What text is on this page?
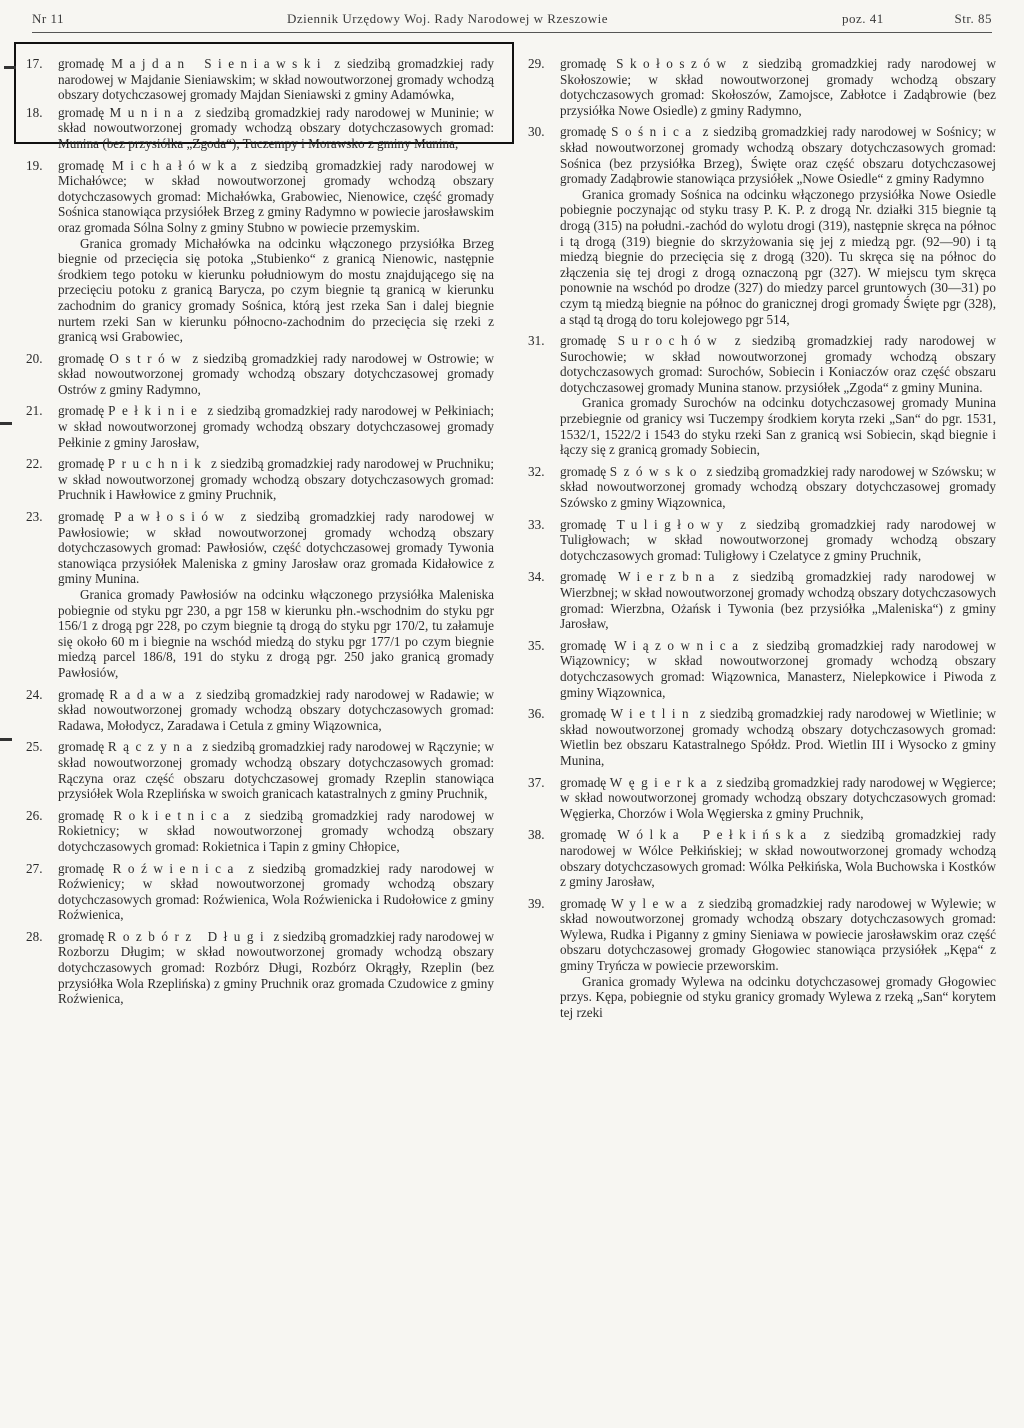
Nr 11	Dziennik Urzędowy Woj. Rady Narodowej w Rzeszowie	poz. 41	Str. 85
17. gromadę Majdan Sieniawski z siedzibą gromadzkiej rady narodowej w Majdanie Sieniawskim; w skład nowoutworzonej gromady wchodzą obszary dotychczasowej gromady Majdan Sieniawski z gminy Adamówka,

18. gromadę Munina z siedzibą gromadzkiej rady narodowej w Muninie; w skład nowoutworzonej gromady wchodzą obszary dotychczasowych gromad: Munina (bez przysiółka „Zgoda“), Tuczempy i Morawsko z gminy Munina,

19. gromadę Michałówka z siedzibą gromadzkiej rady narodowej w Michałówce; w skład nowoutworzonej gromady wchodzą obszary dotychczasowych gromad: Michałówka, Grabowiec, Nienowice, część gromady Sośnica stanowiąca przysiółek Brzeg z gminy Radymno w powiecie jarosławskim oraz gromada Sólna Solny z gminy Stubno w powiecie przemyskim.

Granica gromady Michałówka na odcinku włączonego przysiółka Brzeg biegnie od przecięcia się potoka „Stubienko“ z granicą Nienowic, następnie środkiem tego potoku w kierunku południowym do mostu znajdującego się na przecięciu potoku z granicą Barycza, po czym biegnie tą granicą w kierunku zachodnim do granicy gromady Sośnica, którą jest rzeka San i dalej biegnie nurtem rzeki San w kierunku północno-zachodnim do przecięcia się rzeki z granicą wsi Grabowiec,

20. gromadę Ostrów z siedzibą gromadzkiej rady narodowej w Ostrowie; w skład nowoutworzonej gromady wchodzą obszary dotychczasowej gromady Ostrów z gminy Radymno,

21. gromadę Pełkinie z siedzibą gromadzkiej rady narodowej w Pełkiniach; w skład nowoutworzonej gromady wchodzą obszary dotychczasowej gromady Pełkinie z gminy Jarosław,

22. gromadę Pruchnik z siedzibą gromadzkiej rady narodowej w Pruchniku; w skład nowoutworzonej gromady wchodzą obszary dotychczasowych gromad: Pruchnik i Hawłowice z gminy Pruchnik,

23. gromadę Pawłosiów z siedzibą gromadzkiej rady narodowej w Pawłosiowie; w skład nowoutworzonej gromady wchodzą obszary dotychczasowych gromad: Pawłosiów, część dotychczasowej gromady Tywonia stanowiąca przysiółek Maleniska z gminy Jarosław oraz gromada Kidałowice z gminy Munina.

Granica gromady Pawłosiów na odcinku włączonego przysiółka Maleniska pobiegnie od styku pgr 230, a pgr 158 w kierunku płn.-wschodnim do styku pgr 156/1 z drogą pgr 228, po czym biegnie tą drogą do styku pgr 170/2, tu załamuje się około 60 m i biegnie na wschód miedzą do styku pgr 177/1 po czym biegnie miedzą parcel 186/8, 191 do styku z drogą pgr. 250 jako granicą gromady Pawłosiów,

24. gromadę Radawa z siedzibą gromadzkiej rady narodowej w Radawie; w skład nowoutworzonej gromady wchodzą obszary dotychczasowych gromad: Radawa, Mołodycz, Zaradawa i Cetula z gminy Wiązownica,

25. gromadę Rączyna z siedzibą gromadzkiej rady narodowej w Rączynie; w skład nowoutworzonej gromady wchodzą obszary dotychczasowych gromad: Rączyna oraz część obszaru dotychczasowej gromady Rzeplin stanowiąca przysiółek Wola Rzeplińska w swoich granicach katastralnych z gminy Pruchnik,

26. gromadę Rokietnica z siedzibą gromadzkiej rady narodowej w Rokietnicy; w skład nowoutworzonej gromady wchodzą obszary dotychczasowych gromad: Rokietnica i Tapin z gminy Chłopice,

27. gromadę Roźwienica z siedzibą gromadzkiej rady narodowej w Roźwienicy; w skład nowoutworzonej gromady wchodzą obszary dotychczasowych gromad: Roźwienica, Wola Roźwienicka i Rudołowice z gminy Roźwienica,

28. gromadę Rozbórz Długi z siedzibą gromadzkiej rady narodowej w Rozborzu Długim; w skład nowoutworzonej gromady wchodzą obszary dotychczasowych gromad: Rozbórz Długi, Rozbórz Okrągły, Rzeplin (bez przysiółka Wola Rzeplińska) z gminy Pruchnik oraz gromada Czudowice z gminy Roźwienica,

29. gromadę Skołoszów z siedzibą gromadzkiej rady narodowej w Skołoszowie; w skład nowoutworzonej gromady wchodzą obszary dotychczasowych gromad: Skołoszów, Zamojsce, Zabłotce i Zadąbrowie (bez przysiółka Nowe Osiedle) z gminy Radymno,

30. gromadę Sośnica z siedzibą gromadzkiej rady narodowej w Sośnicy; w skład nowoutworzonej gromady wchodzą obszary dotychczasowych gromad: Sośnica (bez przysiółka Brzeg), Święte oraz część obszaru dotychczasowej gromady Zadąbrowie stanowiąca przysiółek „Nowe Osiedle“ z gminy Radymno

Granica gromady Sośnica na odcinku włączonego przysiółka Nowe Osiedle pobiegnie poczynając od styku trasy P. K. P. z drogą Nr. działki 315 biegnie tą drogą (315) na południ.-zachód do wylotu drogi (319), następnie skręca na północ i tą drogą (319) biegnie do skrzyżowania się jej z miedzą pgr. (92—90) i tą miedzą biegnie do przecięcia się z drogą (320). Tu skręca się na północ do złączenia się tej drogi z drogą oznaczoną pgr (327). W miejscu tym skręca ponownie na wschód po drodze (327) do miedzy parcel gruntowych (30—31) po czym tą miedzą biegnie na północ do granicznej drogi gromady Święte pgr (328), a stąd tą drogą do toru kolejowego pgr 514,

31. gromadę Surochów z siedzibą gromadzkiej rady narodowej w Surochowie; w skład nowoutworzonej gromady wchodzą obszary dotychczasowych gromad: Surochów, Sobiecin i Koniaczów oraz część obszaru dotychczasowej gromady Munina stanow. przysiółek „Zgoda“ z gminy Munina.

Granica gromady Surochów na odcinku dotychczasowej gromady Munina przebiegnie od granicy wsi Tuczempy środkiem koryta rzeki „San“ do pgr. 1531, 1532/1, 1522/2 i 1543 do styku rzeki San z granicą wsi Sobiecin, skąd biegnie i łączy się z granicą gromady Sobiecin,

32. gromadę Szówsko z siedzibą gromadzkiej rady narodowej w Szówsku; w skład nowoutworzonej gromady wchodzą obszary dotychczasowej gromady Szówsko z gminy Wiązownica,

33. gromadę Tuligłowy z siedzibą gromadzkiej rady narodowej w Tuligłowach; w skład nowoutworzonej gromady wchodzą obszary dotychczasowych gromad: Tuligłowy i Czelatyce z gminy Pruchnik,

34. gromadę Wierzbna z siedzibą gromadzkiej rady narodowej w Wierzbnej; w skład nowoutworzonej gromady wchodzą obszary dotychczasowych gromad: Wierzbna, Ożańsk i Tywonia (bez przysiółka „Maleniska“) z gminy Jarosław,

35. gromadę Wiązownica z siedzibą gromadzkiej rady narodowej w Wiązownicy; w skład nowoutworzonej gromady wchodzą obszary dotychczasowych gromad: Wiązownica, Manasterz, Nielepkowice i Piwoda z gminy Wiązownica,

36. gromadę Wietlin z siedzibą gromadzkiej rady narodowej w Wietlinie; w skład nowoutworzonej gromady wchodzą obszary dotychczasowych gromad: Wietlin bez obszaru Katastralnego Spółdz. Prod. Wietlin III i Wysocko z gminy Munina,

37. gromadę Węgierka z siedzibą gromadzkiej rady narodowej w Węgierce; w skład nowoutworzonej gromady wchodzą obszary dotychczasowych gromad: Węgierka, Chorzów i Wola Węgierska z gminy Pruchnik,

38. gromadę Wólka Pełkińska z siedzibą gromadzkiej rady narodowej w Wólce Pełkińskiej; w skład nowoutworzonej gromady wchodzą obszary dotychczasowych gromad: Wólka Pełkińska, Wola Buchowska i Kostków z gminy Jarosław,

39. gromadę Wylewa z siedzibą gromadzkiej rady narodowej w Wylewie; w skład nowoutworzonej gromady wchodzą obszary dotychczasowych gromad: Wylewa, Rudka i Piganny z gminy Sieniawa w powiecie jarosławskim oraz część obszaru dotychczasowej gromady Głogowiec stanowiąca przysiółek „Kępa“ z gminy Tryńcza w powiecie przeworskim.

Granica gromady Wylewa na odcinku dotychczasowej gromady Głogowiec przys. Kępa, pobiegnie od styku granicy gromady Wylewa z rzeką „San“ korytem tej rzeki
